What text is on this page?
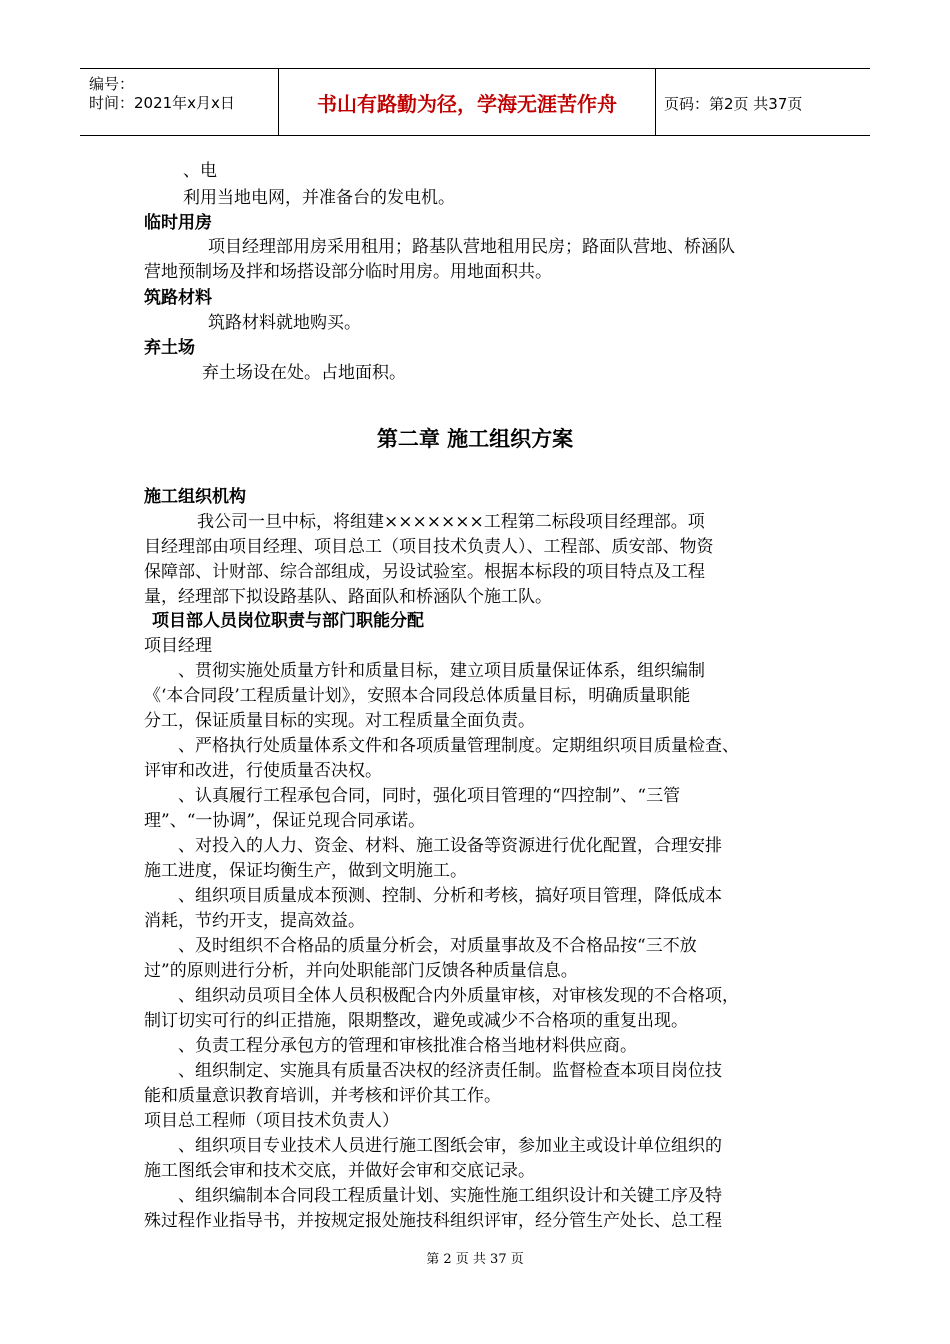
编号：
时间：2021年x月x日	书山有路勤为径，学海无涯苦作舟	页码：第2页 共37页
、电
利用当地电网，并准备台的发电机。
临时用房
项目经理部用房采用租用；路基队营地租用民房；路面队营地、桥涵队
营地预制场及拌和场搭设部分临时用房。用地面积共。
筑路材料
筑路材料就地购买。
弃土场
弃土场设在处。占地面积。
第二章 施工组织方案
施工组织机构
我公司一旦中标，将组建×××××××工程第二标段项目经理部。项
目经理部由项目经理、项目总工（项目技术负责人）、工程部、质安部、物资
保障部、计财部、综合部组成，另设试验室。根据本标段的项目特点及工程
量，经理部下拟设路基队、路面队和桥涵队个施工队。
项目部人员岗位职责与部门职能分配
项目经理
、贯彻实施处质量方针和质量目标，建立项目质量保证体系，组织编制
《‘本合同段’工程质量计划》，安照本合同段总体质量目标，明确质量职能
分工，保证质量目标的实现。对工程质量全面负责。
、严格执行处质量体系文件和各项质量管理制度。定期组织项目质量检查、
评审和改进，行使质量否决权。
、认真履行工程承包合同，同时，强化项目管理的“四控制”、“三管
理”、“一协调”，保证兑现合同承诺。
、对投入的人力、资金、材料、施工设备等资源进行优化配置，合理安排
施工进度，保证均衡生产，做到文明施工。
、组织项目质量成本预测、控制、分析和考核，搞好项目管理，降低成本
消耗，节约开支，提高效益。
、及时组织不合格品的质量分析会，对质量事故及不合格品按“三不放
过”的原则进行分析，并向处职能部门反馈各种质量信息。
、组织动员项目全体人员积极配合内外质量审核，对审核发现的不合格项，
制订切实可行的纠正措施，限期整改，避免或减少不合格项的重复出现。
、负责工程分承包方的管理和审核批准合格当地材料供应商。
、组织制定、实施具有质量否决权的经济责任制。监督检查本项目岗位技
能和质量意识教育培训，并考核和评价其工作。
项目总工程师（项目技术负责人）
、组织项目专业技术人员进行施工图纸会审，参加业主或设计单位组织的
施工图纸会审和技术交底，并做好会审和交底记录。
、组织编制本合同段工程质量计划、实施性施工组织设计和关键工序及特
殊过程作业指导书，并按规定报处施技科组织评审，经分管生产处长、总工程
第 2 页 共 37 页
